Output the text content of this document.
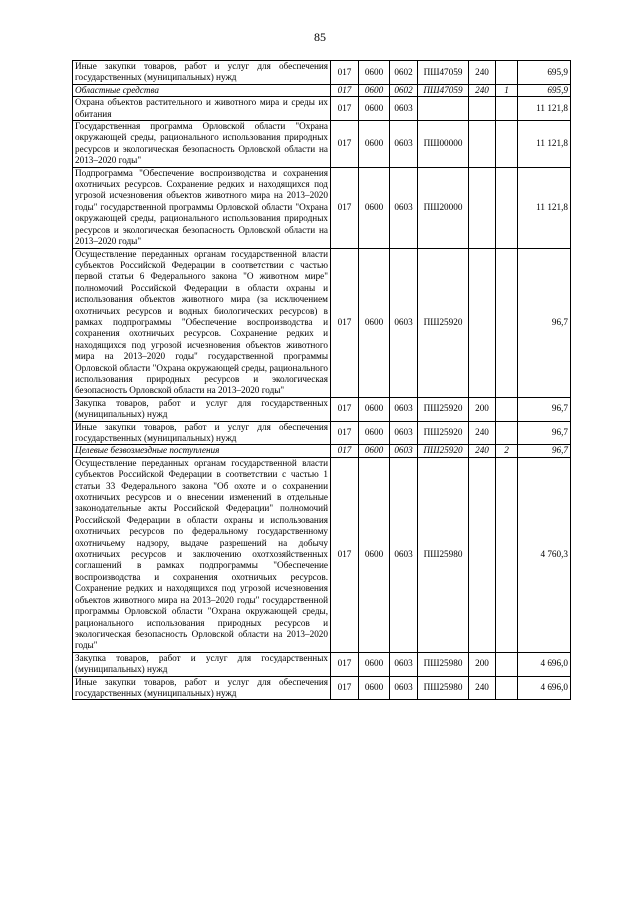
85
Иные закупки товаров, работ и услуг для обеспечения государственных (муниципальных) нужд	017	0600	0602	ПШ47059	240		695,9
Областные средства	017	0600	0602	ПШ47059	240	1	695,9
Охрана объектов растительного и животного мира и среды их обитания	017	0600	0603				11 121,8
Государственная программа Орловской области "Охрана окружающей среды, рационального использования природных ресурсов и экологическая безопасность Орловской области на 2013–2020 годы"	017	0600	0603	ПШ00000			11 121,8
Подпрограмма "Обеспечение воспроизводства и сохранения охотничьих ресурсов. Сохранение редких и находящихся под угрозой исчезновения объектов животного мира на 2013–2020 годы" государственной программы Орловской области "Охрана окружающей среды, рационального использования природных ресурсов и экологическая безопасность Орловской области на 2013–2020 годы"	017	0600	0603	ПШ20000			11 121,8
Осуществление переданных органам государственной власти субъектов Российской Федерации в соответствии с частью первой статьи 6 Федерального закона "О животном мире" полномочий Российской Федерации в области охраны и использования объектов животного мира (за исключением охотничьих ресурсов и водных биологических ресурсов) в рамках подпрограммы "Обеспечение воспроизводства и сохранения охотничьих ресурсов. Сохранение редких и находящихся под угрозой исчезновения объектов животного мира на 2013–2020 годы" государственной программы Орловской области "Охрана окружающей среды, рационального использования природных ресурсов и экологическая безопасность Орловской области на 2013–2020 годы"	017	0600	0603	ПШ25920			96,7
Закупка товаров, работ и услуг для государственных (муниципальных) нужд	017	0600	0603	ПШ25920	200		96,7
Иные закупки товаров, работ и услуг для обеспечения государственных (муниципальных) нужд	017	0600	0603	ПШ25920	240		96,7
Целевые безвозмездные поступления	017	0600	0603	ПШ25920	240	2	96,7
Осуществление переданных органам государственной власти субъектов Российской Федерации в соответствии с частью 1 статьи 33 Федерального закона "Об охоте и о сохранении охотничьих ресурсов и о внесении изменений в отдельные законодательные акты Российской Федерации" полномочий Российской Федерации в области охраны и использования охотничьих ресурсов по федеральному государственному охотничьему надзору, выдаче разрешений на добычу охотничьих ресурсов и заключению охотхозяйственных соглашений в рамках подпрограммы "Обеспечение воспроизводства и сохранения охотничьих ресурсов. Сохранение редких и находящихся под угрозой исчезновения объектов животного мира на 2013–2020 годы" государственной программы Орловской области "Охрана окружающей среды, рационального использования природных ресурсов и экологическая безопасность Орловской области на 2013–2020 годы"	017	0600	0603	ПШ25980			4 760,3
Закупка товаров, работ и услуг для государственных (муниципальных) нужд	017	0600	0603	ПШ25980	200		4 696,0
Иные закупки товаров, работ и услуг для обеспечения государственных (муниципальных) нужд	017	0600	0603	ПШ25980	240		4 696,0
